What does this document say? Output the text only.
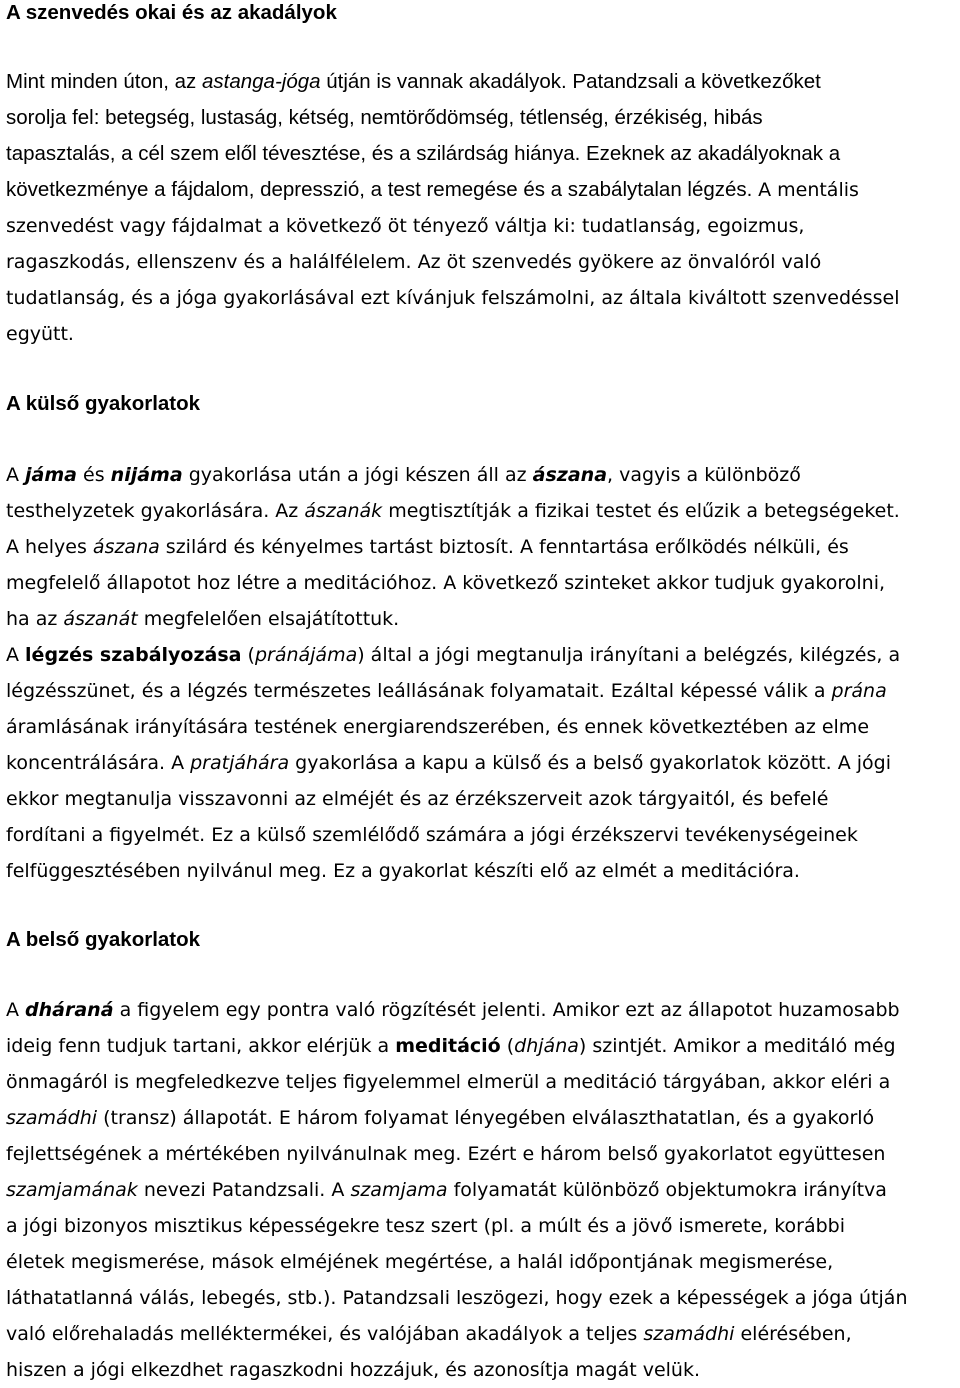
A szenvedés okai és az akadályok

Mint minden úton, az astanga-jóga útján is vannak akadályok. Patandzsali a következőket
sorolja fel: betegség, lustaság, kétség, nemtörődömség, tétlenség, érzékiség, hibás
tapasztalás, a cél szem elől tévesztése, és a szilárdság hiánya. Ezeknek az akadályoknak a
következménye a fájdalom, depresszió, a test remegése és a szabálytalan légzés. A mentális
szenvedést vagy fájdalmat a következő öt tényező váltja ki: tudatlanság, egoizmus,
ragaszkodás, ellenszenv és a halálfélelem. Az öt szenvedés gyökere az önvalóról való
tudatlanság, és a jóga gyakorlásával ezt kívánjuk felszámolni, az általa kiváltott szenvedéssel
együtt.

A külső gyakorlatok

A jáma és nijáma gyakorlása után a jógi készen áll az ászana, vagyis a különböző
testhelyzetek gyakorlására. Az ászanák megtisztítják a fizikai testet és elűzik a betegségeket.
A helyes ászana szilárd és kényelmes tartást biztosít. A fenntartása erőlködés nélküli, és
megfelelő állapotot hoz létre a meditációhoz. A következő szinteket akkor tudjuk gyakorolni,
ha az ászanát megfelelően elsajátítottuk.

A légzés szabályozása (pránájáma) által a jógi megtanulja irányítani a belégzés, kilégzés, a
légzésszünet, és a légzés természetes leállásának folyamatait. Ezáltal képessé válik a prána
áramlásának irányítására testének energiarendszerében, és ennek következtében az elme
koncentrálására. A pratjáhára gyakorlása a kapu a külső és a belső gyakorlatok között. A jógi
ekkor megtanulja visszavonni az elméjét és az érzékszerveit azok tárgyaitól, és befelé
fordítani a figyelmét. Ez a külső szemlélődő számára a jógi érzékszervi tevékenységeinek
felfüggesztésében nyilvánul meg. Ez a gyakorlat készíti elő az elmét a meditációra.

A belső gyakorlatok

A dháraná a figyelem egy pontra való rögzítését jelenti. Amikor ezt az állapotot huzamosabb
ideig fenn tudjuk tartani, akkor elérjük a meditáció (dhjána) szintjét. Amikor a meditáló még
önmagáról is megfeledkezve teljes figyelemmel elmerül a meditáció tárgyában, akkor eléri a
szamádhi (transz) állapotát. E három folyamat lényegében elválaszthatatlan, és a gyakorló
fejlettségének a mértékében nyilvánulnak meg. Ezért e három belső gyakorlatot együttesen
szamjamának nevezi Patandzsali. A szamjama folyamatát különböző objektumokra irányítva
a jógi bizonyos misztikus képességekre tesz szert (pl. a múlt és a jövő ismerete, korábbi
életek megismerése, mások elméjének megértése, a halál időpontjának megismerése,
láthatatlanná válás, lebegés, stb.). Patandzsali leszögezi, hogy ezek a képességek a jóga útján
való előrehaladás melléktermékei, és valójában akadályok a teljes szamádhi elérésében,
hiszen a jógi elkezdhet ragaszkodni hozzájuk, és azonosítja magát velük.
